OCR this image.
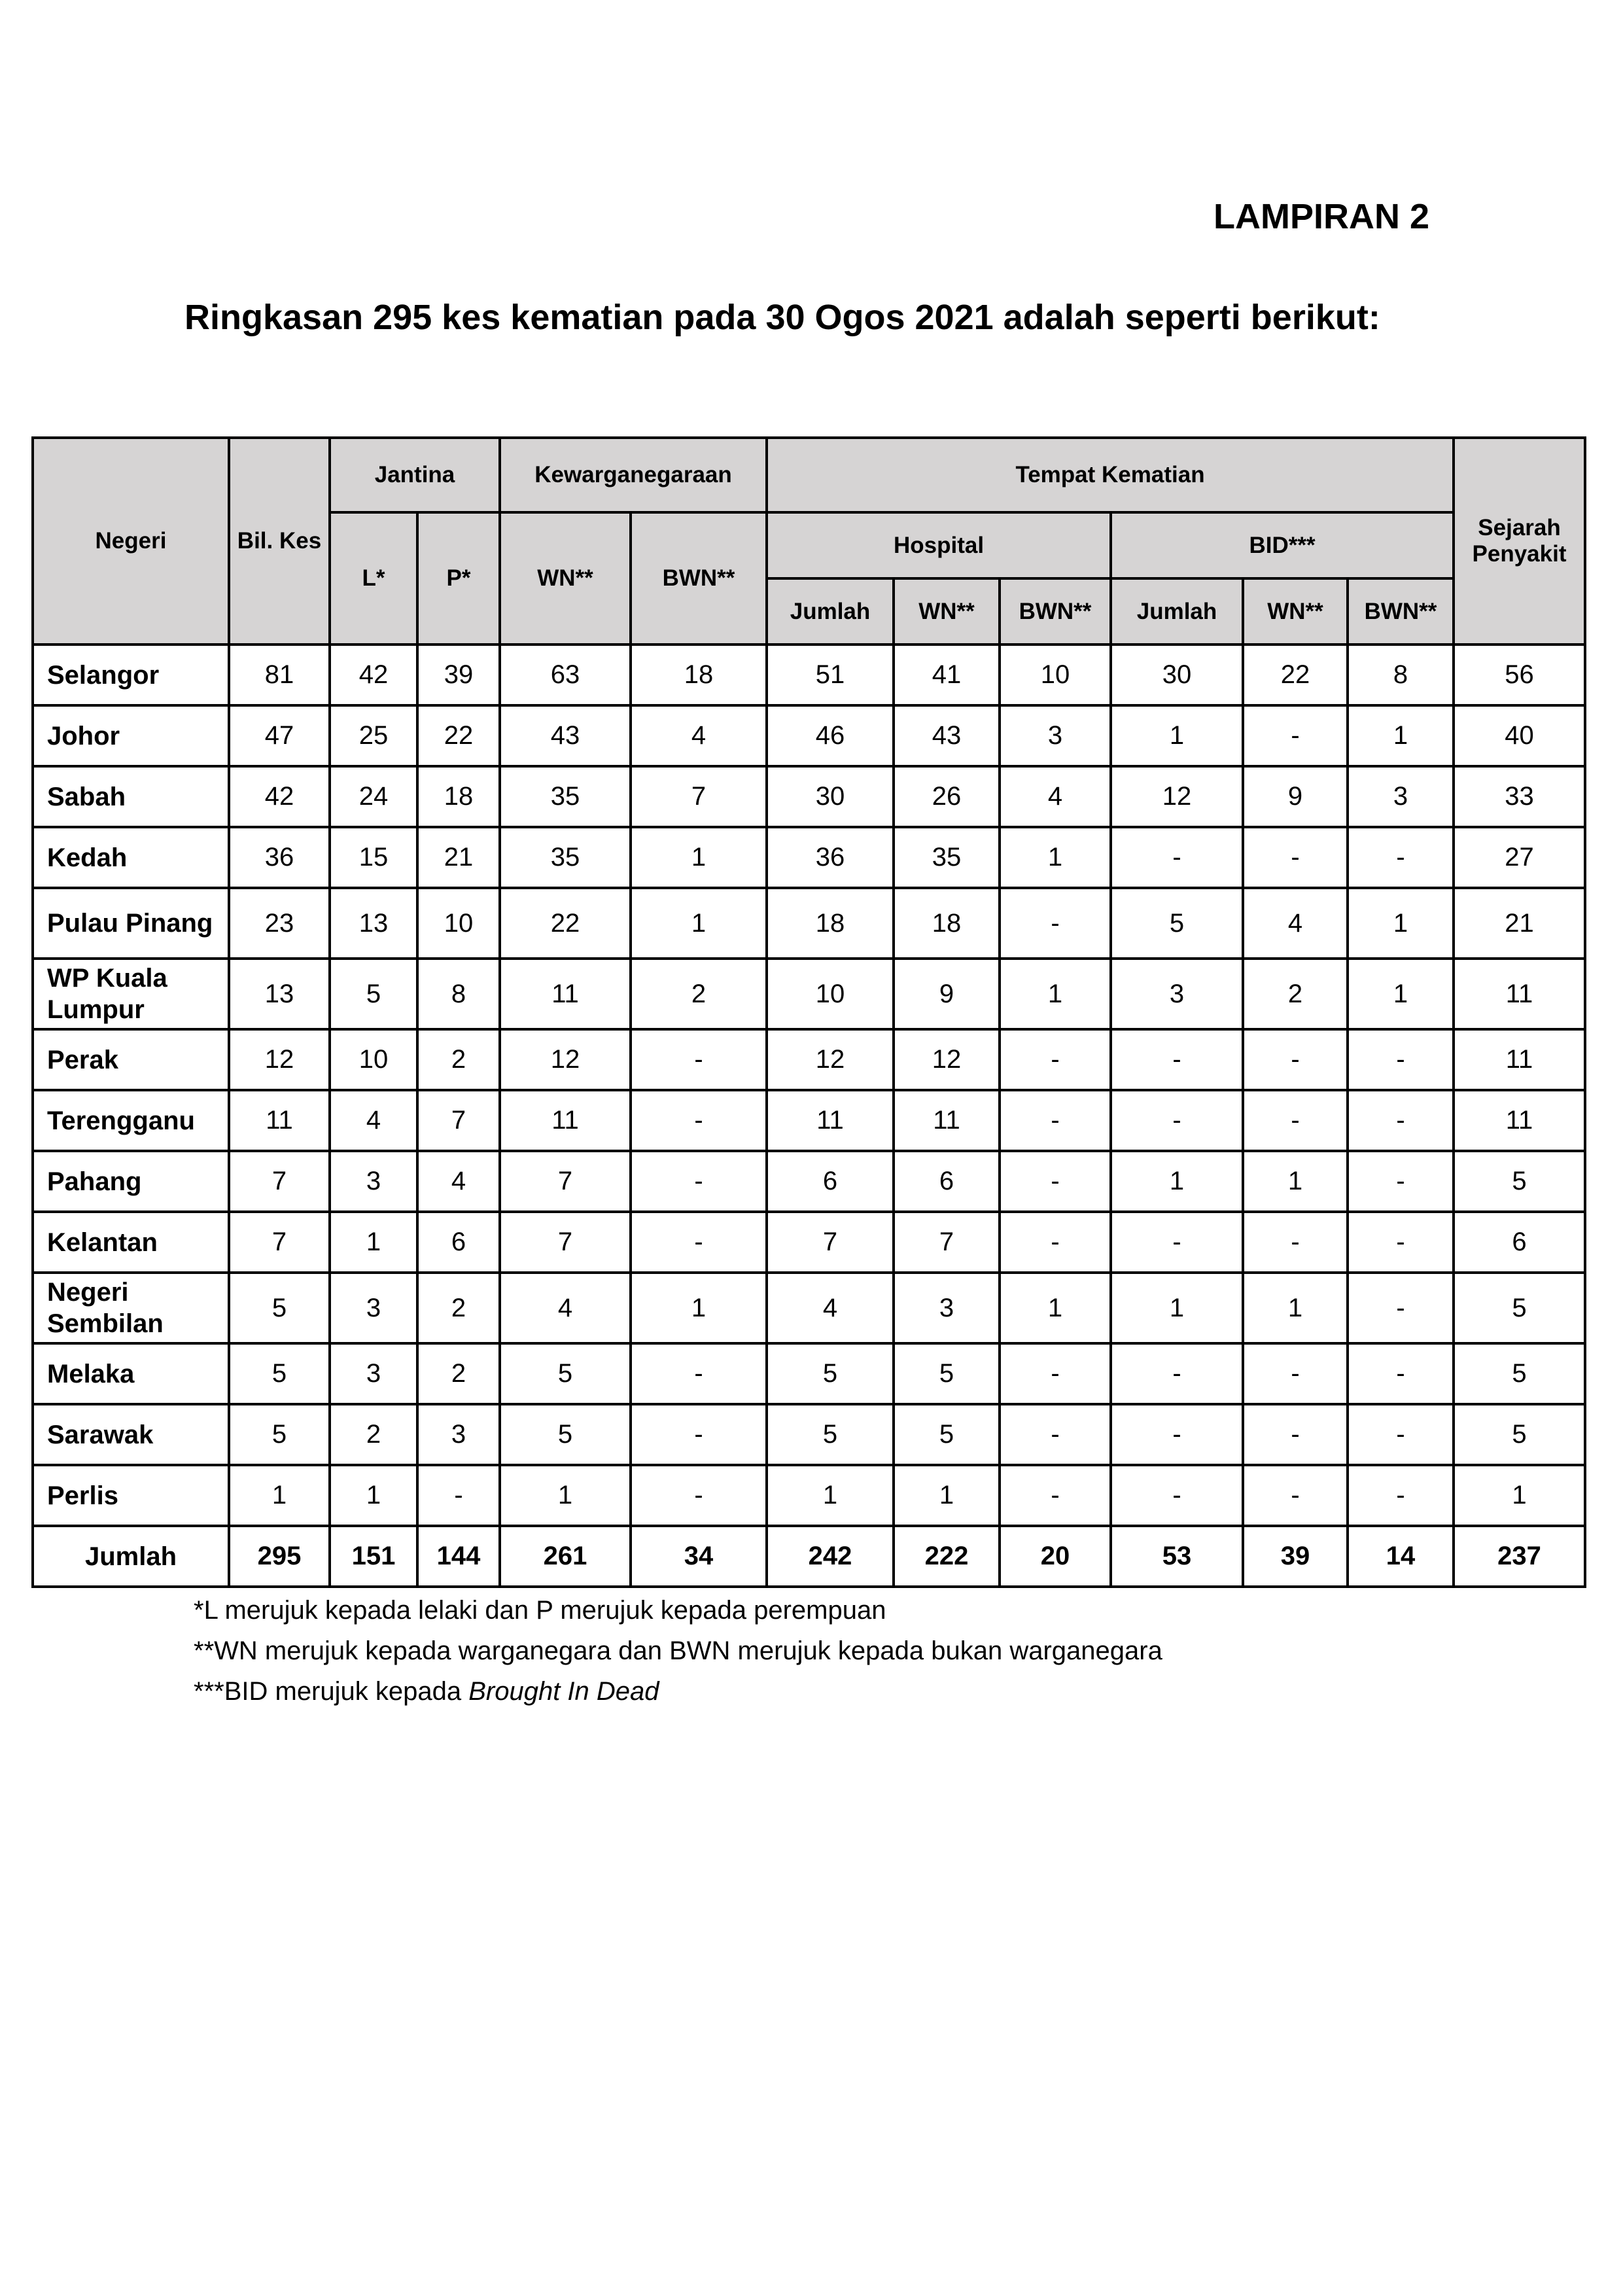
LAMPIRAN 2

Ringkasan 295 kes kematian pada 30 Ogos 2021 adalah seperti berikut:

Negeri	Bil. Kes	Jantina		Kewarganegaraan		Tempat Kematian						Sejarah Penyakit
		L*	P*	WN**	BWN**	Hospital			BID***			
						Jumlah	WN**	BWN**	Jumlah	WN**	BWN**	
Selangor	81	42	39	63	18	51	41	10	30	22	8	56
Johor	47	25	22	43	4	46	43	3	1	-	1	40
Sabah	42	24	18	35	7	30	26	4	12	9	3	33
Kedah	36	15	21	35	1	36	35	1	-	-	-	27
Pulau Pinang	23	13	10	22	1	18	18	-	5	4	1	21
WP Kuala Lumpur	13	5	8	11	2	10	9	1	3	2	1	11
Perak	12	10	2	12	-	12	12	-	-	-	-	11
Terengganu	11	4	7	11	-	11	11	-	-	-	-	11
Pahang	7	3	4	7	-	6	6	-	1	1	-	5
Kelantan	7	1	6	7	-	7	7	-	-	-	-	6
Negeri Sembilan	5	3	2	4	1	4	3	1	1	1	-	5
Melaka	5	3	2	5	-	5	5	-	-	-	-	5
Sarawak	5	2	3	5	-	5	5	-	-	-	-	5
Perlis	1	1	-	1	-	1	1	-	-	-	-	1
Jumlah	295	151	144	261	34	242	222	20	53	39	14	237

*L merujuk kepada lelaki dan P merujuk kepada perempuan

**WN merujuk kepada warganegara dan BWN merujuk kepada bukan warganegara

***BID merujuk kepada Brought In Dead
